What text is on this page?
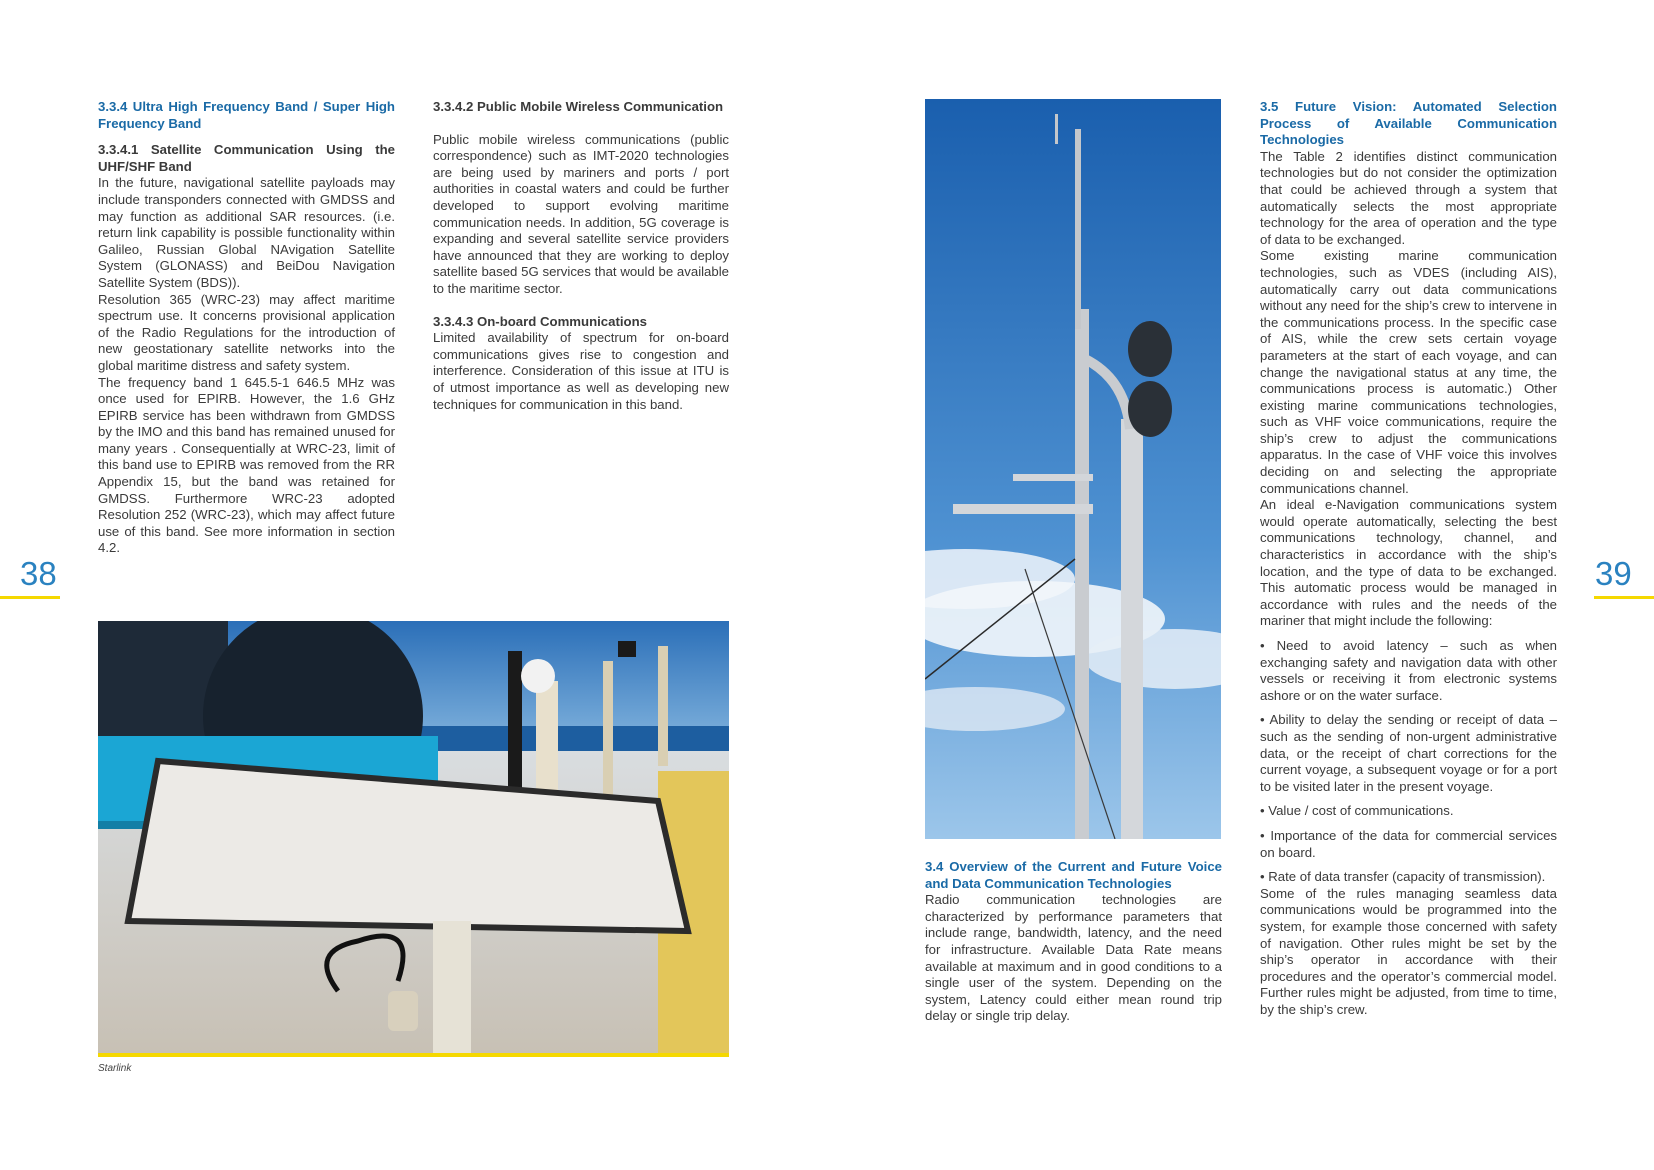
38	39

3.3.4 Ultra High Frequency Band / Super High Frequency Band

3.3.4.1 Satellite Communication Using the UHF/SHF Band

In the future, navigational satellite payloads may include transponders connected with GMDSS and may function as additional SAR resources. (i.e. return link capability is possible functionality within Galileo, Russian Global NAvigation Satellite System (GLONASS) and BeiDou Navigation Satellite System (BDS)).

Resolution 365 (WRC-23) may affect maritime spectrum use. It concerns provisional application of the Radio Regulations for the introduction of new geostationary satellite networks into the global maritime distress and safety system.

The frequency band 1 645.5-1 646.5 MHz was once used for EPIRB. However, the 1.6 GHz EPIRB service has been withdrawn from GMDSS by the IMO and this band has remained unused for many years . Consequentially at WRC-23, limit of this band use to EPIRB was removed from the RR Appendix 15, but the band was retained for GMDSS. Furthermore WRC-23 adopted Resolution 252 (WRC-23), which may affect future use of this band. See more information in section 4.2.

3.3.4.2 Public Mobile Wireless Communication

Public mobile wireless communications (public correspondence) such as IMT-2020 technologies are being used by mariners and ports / port authorities in coastal waters and could be further developed to support evolving maritime communication needs. In addition, 5G coverage is expanding and several satellite service providers have announced that they are working to deploy satellite based 5G services that would be available to the maritime sector.

3.3.4.3 On-board Communications

Limited availability of spectrum for on-board communications gives rise to congestion and interference. Consideration of this issue at ITU is of utmost importance as well as developing new techniques for communication in this band.

Starlink

3.4 Overview of the Current and Future Voice and Data Communication Technologies

Radio communication technologies are characterized by performance parameters that include range, bandwidth, latency, and the need for infrastructure. Available Data Rate means available at maximum and in good conditions to a single user of the system. Depending on the system, Latency could either mean round trip delay or single trip delay.

3.5 Future Vision: Automated Selection Process of Available Communication Technologies

The Table 2 identifies distinct communication technologies but do not consider the optimization that could be achieved through a system that automatically selects the most appropriate technology for the area of operation and the type of data to be exchanged.

Some existing marine communication technologies, such as VDES (including AIS), automatically carry out data communications without any need for the ship’s crew to intervene in the communications process. In the specific case of AIS, while the crew sets certain voyage parameters at the start of each voyage, and can change the navigational status at any time, the communications process is automatic.) Other existing marine communications technologies, such as VHF voice communications, require the ship’s crew to adjust the communications apparatus. In the case of VHF voice this involves deciding on and selecting the appropriate communications channel.

An ideal e-Navigation communications system would operate automatically, selecting the best communications technology, channel, and characteristics in accordance with the ship’s location, and the type of data to be exchanged. This automatic process would be managed in accordance with rules and the needs of the mariner that might include the following:

• Need to avoid latency – such as when exchanging safety and navigation data with other vessels or receiving it from electronic systems ashore or on the water surface.

• Ability to delay the sending or receipt of data – such as the sending of non-urgent administrative data, or the receipt of chart corrections for the current voyage, a subsequent voyage or for a port to be visited later in the present voyage.

• Value / cost of communications.

• Importance of the data for commercial services on board.

• Rate of data transfer (capacity of transmission).

Some of the rules managing seamless data communications would be programmed into the system, for example those concerned with safety of navigation. Other rules might be set by the ship’s operator in accordance with their procedures and the operator’s commercial model. Further rules might be adjusted, from time to time, by the ship’s crew.
